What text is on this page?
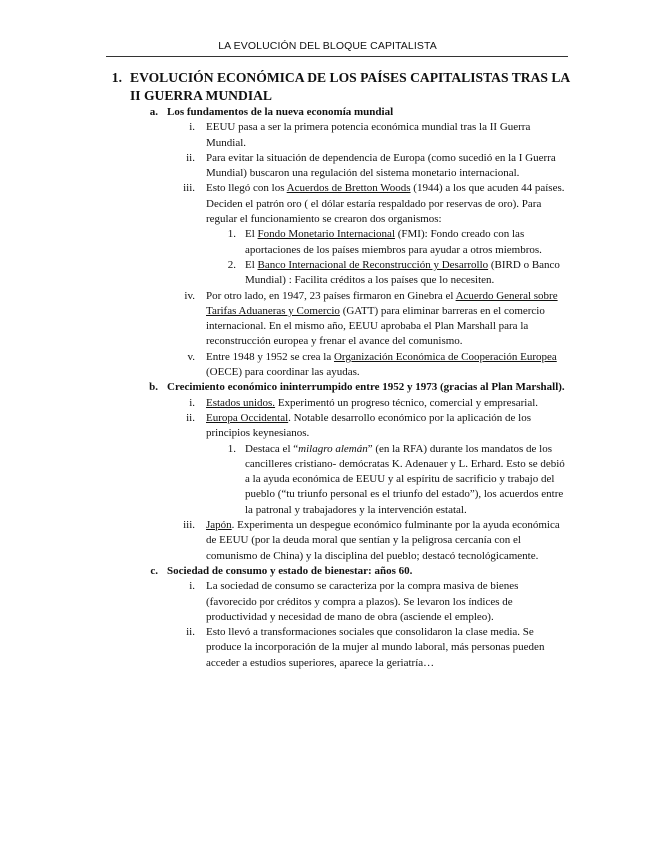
LA EVOLUCIÓN DEL BLOQUE CAPITALISTA
1. EVOLUCIÓN ECONÓMICA DE LOS PAÍSES CAPITALISTAS TRAS LA II GUERRA MUNDIAL
a. Los fundamentos de la nueva economía mundial
i. EEUU pasa a ser la primera potencia económica mundial tras la II Guerra Mundial.
ii. Para evitar la situación de dependencia de Europa (como sucedió en la I Guerra Mundial) buscaron una regulación del sistema monetario internacional.
iii. Esto llegó con los Acuerdos de Bretton Woods (1944) a los que acuden 44 países. Deciden el patrón oro ( el dólar estaría respaldado por reservas de oro). Para regular el funcionamiento se crearon dos organismos:
1. El Fondo Monetario Internacional (FMI): Fondo creado con las aportaciones de los países miembros para ayudar a otros miembros.
2. El Banco Internacional de Reconstrucción y Desarrollo (BIRD o Banco Mundial) : Facilita créditos a los países que lo necesiten.
iv. Por otro lado, en 1947, 23 países firmaron en Ginebra el Acuerdo General sobre Tarifas Aduaneras y Comercio (GATT) para eliminar barreras en el comercio internacional. En el mismo año, EEUU aprobaba el Plan Marshall para la reconstrucción europea y frenar el avance del comunismo.
v. Entre 1948 y 1952 se crea la Organización Económica de Cooperación Europea (OECE) para coordinar las ayudas.
b. Crecimiento económico ininterrumpido entre 1952 y 1973 (gracias al Plan Marshall).
i. Estados unidos. Experimentó un progreso técnico, comercial y empresarial.
ii. Europa Occidental. Notable desarrollo económico por la aplicación de los principios keynesianos.
1. Destaca el “milagro alemán” (en la RFA) durante los mandatos de los cancilleres cristiano- demócratas K. Adenauer y L. Erhard. Esto se debió a la ayuda económica de EEUU y al espíritu de sacrificio y trabajo del pueblo (“tu triunfo personal es el triunfo del estado”), los acuerdos entre la patronal y trabajadores y la intervención estatal.
iii. Japón. Experimenta un despegue económico fulminante por la ayuda económica de EEUU (por la deuda moral que sentían y la peligrosa cercanía con el comunismo de China) y la disciplina del pueblo; destacó tecnológicamente.
c. Sociedad de consumo y estado de bienestar: años 60.
i. La sociedad de consumo se caracteriza por la compra masiva de bienes (favorecido por créditos y compra a plazos). Se levaron los índices de productividad y necesidad de mano de obra (asciende el empleo).
ii. Esto llevó a transformaciones sociales que consolidaron la clase media. Se produce la incorporación de la mujer al mundo laboral, más personas pueden acceder a estudios superiores, aparece la geriatría…
